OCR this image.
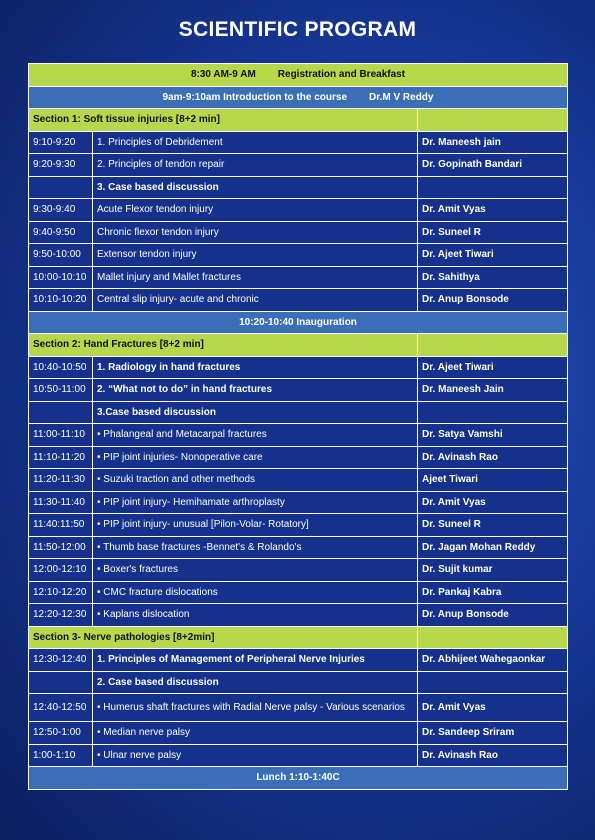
SCIENTIFIC PROGRAM
8:30 AM-9 AM Registration and Breakfast		
9am-9:10am Introduction to the course Dr.M V Reddy		
Section 1: Soft tissue injuries [8+2 min]		
9:10-9:20	1. Principles of Debridement	Dr. Maneesh jain
9:20-9:30	2. Principles of tendon repair	Dr. Gopinath Bandari
	3. Case based discussion	
9:30-9:40	Acute Flexor tendon injury	Dr. Amit Vyas
9:40-9:50	Chronic flexor tendon injury	Dr. Suneel R
9:50-10:00	Extensor tendon injury	Dr. Ajeet Tiwari
10:00-10:10	Mallet injury and Mallet fractures	Dr. Sahithya
10:10-10:20	Central slip injury- acute and chronic	Dr. Anup Bonsode
10:20-10:40 Inauguration		
Section 2: Hand Fractures [8+2 min]		
10:40-10:50	1. Radiology in hand fractures	Dr. Ajeet Tiwari
10:50-11:00	2. “What not to do” in hand fractures	Dr. Maneesh Jain
	3.Case based discussion	
11:00-11:10	• Phalangeal and Metacarpal fractures	Dr. Satya Vamshi
11:10-11:20	• PIP joint injuries- Nonoperative care	Dr. Avinash Rao
11:20-11:30	• Suzuki traction and other methods	Ajeet Tiwari
11:30-11:40	• PIP joint injury- Hemihamate arthroplasty	Dr. Amit Vyas
11:40:11:50	• PIP joint injury- unusual [Pilon-Volar- Rotatory]	Dr. Suneel R
11:50-12:00	• Thumb base fractures -Bennet's & Rolando's	Dr. Jagan Mohan Reddy
12:00-12:10	• Boxer's fractures	Dr. Sujit kumar
12:10-12:20	• CMC fracture dislocations	Dr. Pankaj Kabra
12:20-12:30	• Kaplans dislocation	Dr. Anup Bonsode
Section 3- Nerve pathologies [8+2min]		
12:30-12:40	1. Principles of Management of Peripheral Nerve Injuries	Dr. Abhijeet Wahegaonkar
	2. Case based discussion	
12:40-12:50	• Humerus shaft fractures with Radial Nerve palsy - Various scenarios	Dr. Amit Vyas
12:50-1:00	• Median nerve palsy	Dr. Sandeep Sriram
1:00-1:10	• Ulnar nerve palsy	Dr. Avinash Rao
Lunch 1:10-1:40C		
